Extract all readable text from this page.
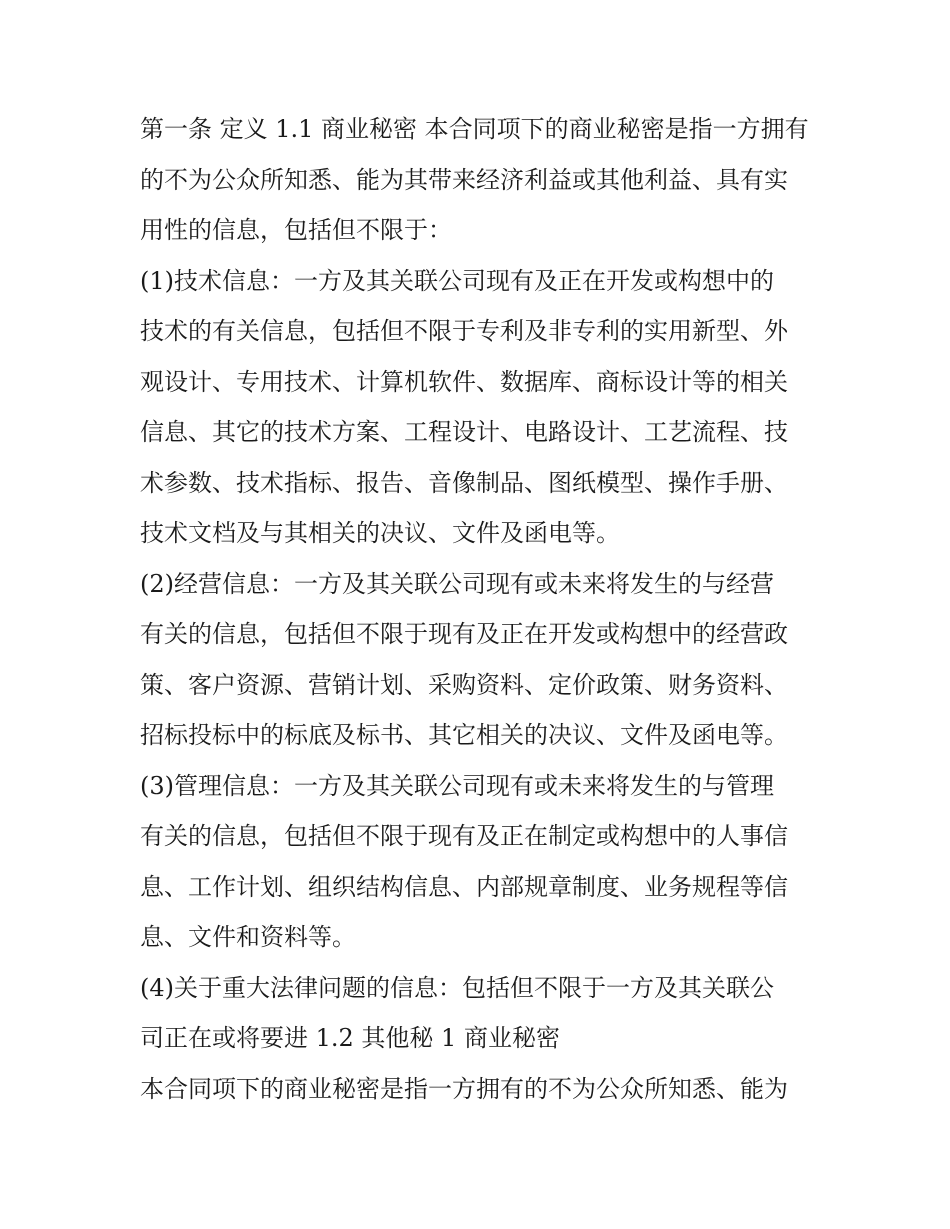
第一条 定义 1.1 商业秘密 本合同项下的商业秘密是指一方拥有
的不为公众所知悉、能为其带来经济利益或其他利益、具有实
用性的信息，包括但不限于：
(1)技术信息：一方及其关联公司现有及正在开发或构想中的
技术的有关信息，包括但不限于专利及非专利的实用新型、外
观设计、专用技术、计算机软件、数据库、商标设计等的相关
信息、其它的技术方案、工程设计、电路设计、工艺流程、技
术参数、技术指标、报告、音像制品、图纸模型、操作手册、
技术文档及与其相关的决议、文件及函电等。
(2)经营信息：一方及其关联公司现有或未来将发生的与经营
有关的信息，包括但不限于现有及正在开发或构想中的经营政
策、客户资源、营销计划、采购资料、定价政策、财务资料、
招标投标中的标底及标书、其它相关的决议、文件及函电等。
(3)管理信息：一方及其关联公司现有或未来将发生的与管理
有关的信息，包括但不限于现有及正在制定或构想中的人事信
息、工作计划、组织结构信息、内部规章制度、业务规程等信
息、文件和资料等。
(4)关于重大法律问题的信息：包括但不限于一方及其关联公
司正在或将要进 1.2 其他秘 1 商业秘密
本合同项下的商业秘密是指一方拥有的不为公众所知悉、能为
